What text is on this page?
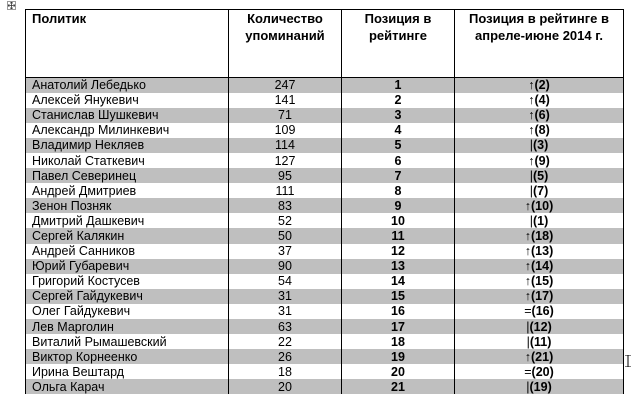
Политик	Количество упоминаний	Позиция в рейтинге	Позиция в рейтинге в апреле-июне 2014 г.
Анатолий Лебедько	247	1	↑(2)
Алексей Янукевич	141	2	↑(4)
Станислав Шушкевич	71	3	↑(6)
Александр Милинкевич	109	4	↑(8)
Владимир Некляев	114	5	|(3)
Николай Статкевич	127	6	↑(9)
Павел Северинец	95	7	|(5)
Андрей Дмитриев	111	8	|(7)
Зенон Позняк	83	9	↑(10)
Дмитрий Дашкевич	52	10	|(1)
Сергей Калякин	50	11	↑(18)
Андрей Санников	37	12	↑(13)
Юрий Губаревич	90	13	↑(14)
Григорий Костусев	54	14	↑(15)
Сергей Гайдукевич	31	15	↑(17)
Олег Гайдукевич	31	16	=(16)
Лев Марголин	63	17	|(12)
Виталий Рымашевский	22	18	|(11)
Виктор Корнеенко	26	19	↑(21)
Ирина Вештард	18	20	=(20)
Ольга Карач	20	21	|(19)
